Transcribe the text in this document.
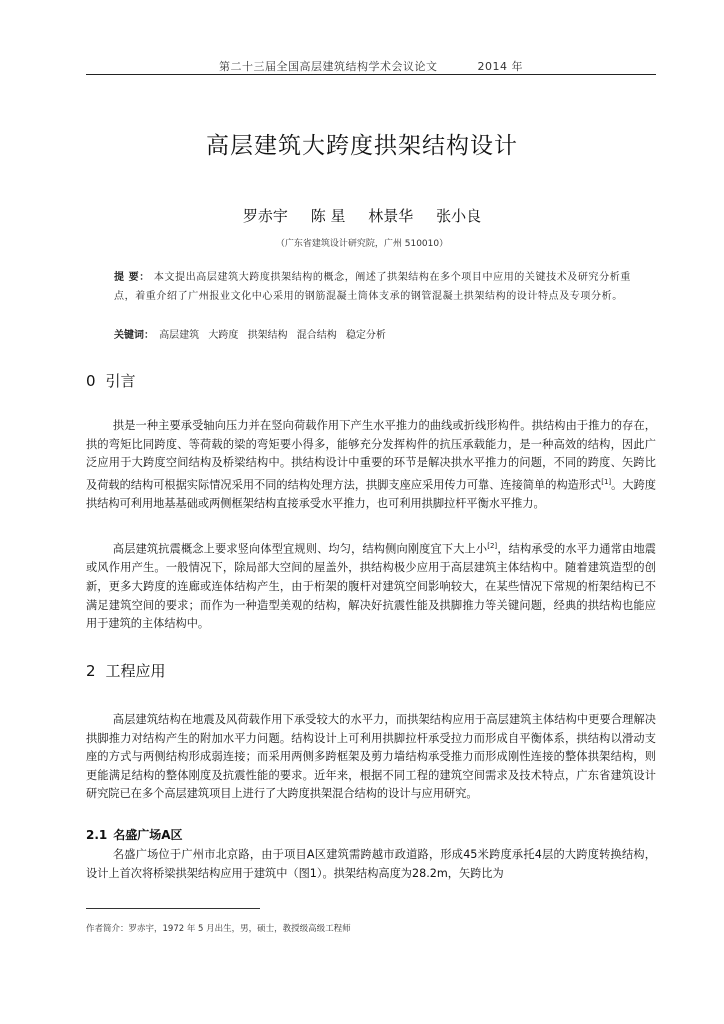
第二十三届全国高层建筑结构学术会议论文	2014 年
高层建筑大跨度拱架结构设计
罗赤宇 陈 星 林景华 张小良
（广东省建筑设计研究院，广州 510010）
提 要： 本文提出高层建筑大跨度拱架结构的概念，阐述了拱架结构在多个项目中应用的关键技术及研究分析重点，着重介绍了广州报业文化中心采用的钢筋混凝土筒体支承的钢管混凝土拱架结构的设计特点及专项分析。
关键词： 高层建筑 大跨度 拱架结构 混合结构 稳定分析
0 引言

拱是一种主要承受轴向压力并在竖向荷载作用下产生水平推力的曲线或折线形构件。拱结构由于推力的存在，拱的弯矩比同跨度、等荷载的梁的弯矩要小得多，能够充分发挥构件的抗压承载能力，是一种高效的结构，因此广泛应用于大跨度空间结构及桥梁结构中。拱结构设计中重要的环节是解决拱水平推力的问题，不同的跨度、矢跨比及荷载的结构可根据实际情况采用不同的结构处理方法，拱脚支座应采用传力可靠、连接简单的构造形式[1]。大跨度拱结构可利用地基基础或两侧框架结构直接承受水平推力，也可利用拱脚拉杆平衡水平推力。

高层建筑抗震概念上要求竖向体型宜规则、均匀，结构侧向刚度宜下大上小[2]，结构承受的水平力通常由地震或风作用产生。一般情况下，除局部大空间的屋盖外，拱结构极少应用于高层建筑主体结构中。随着建筑造型的创新，更多大跨度的连廊或连体结构产生，由于桁架的腹杆对建筑空间影响较大，在某些情况下常规的桁架结构已不满足建筑空间的要求；而作为一种造型美观的结构，解决好抗震性能及拱脚推力等关键问题，经典的拱结构也能应用于建筑的主体结构中。

2 工程应用

高层建筑结构在地震及风荷载作用下承受较大的水平力，而拱架结构应用于高层建筑主体结构中更要合理解决拱脚推力对结构产生的附加水平力问题。结构设计上可利用拱脚拉杆承受拉力而形成自平衡体系，拱结构以滑动支座的方式与两侧结构形成弱连接；而采用两侧多跨框架及剪力墙结构承受推力而形成刚性连接的整体拱架结构，则更能满足结构的整体刚度及抗震性能的要求。近年来，根据不同工程的建筑空间需求及技术特点，广东省建筑设计研究院已在多个高层建筑项目上进行了大跨度拱架混合结构的设计与应用研究。

2.1 名盛广场A区

名盛广场位于广州市北京路，由于项目A区建筑需跨越市政道路，形成45米跨度承托4层的大跨度转换结构，设计上首次将桥梁拱架结构应用于建筑中（图1）。拱架结构高度为28.2m，矢跨比为

作者简介：罗赤宇，1972 年 5 月出生，男，硕士，教授级高级工程师
